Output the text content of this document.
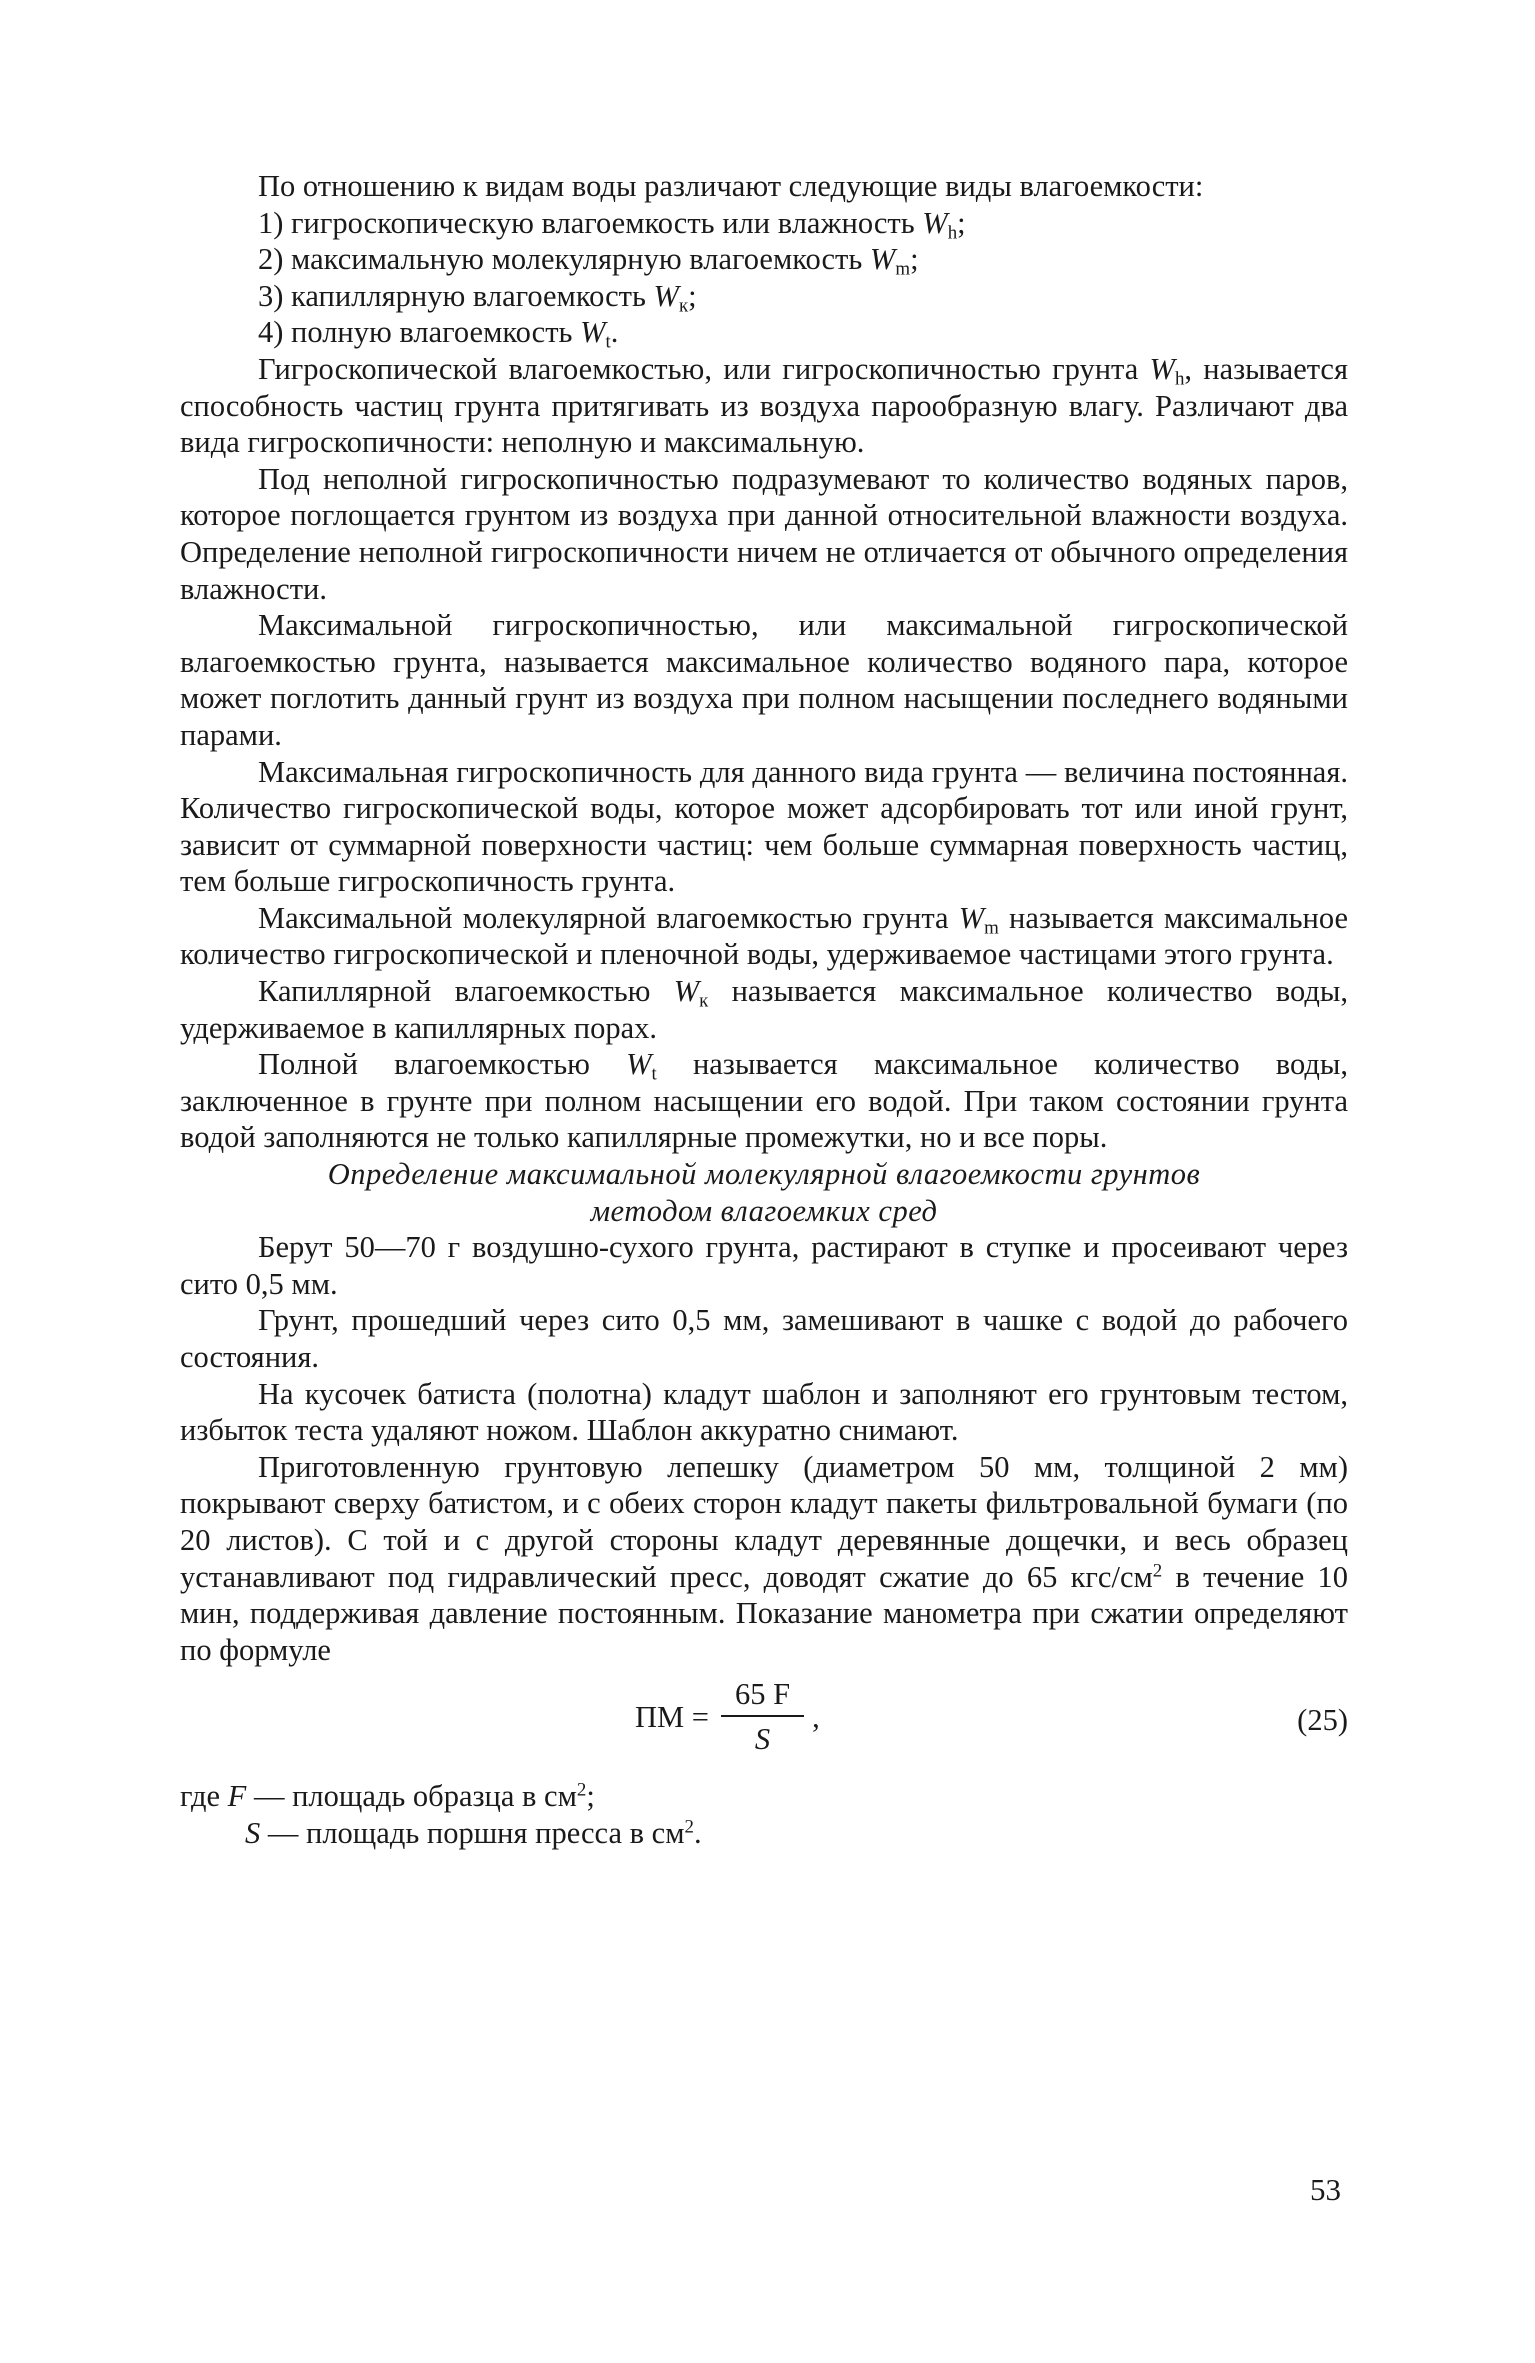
По отношению к видам воды различают следующие виды влагоемкости:

1) гигроскопическую влагоемкость или влажность $W_h$;
2) максимальную молекулярную влагоемкость $W_m$;
3) капиллярную влагоемкость $W_к$;
4) полную влагоемкость $W_t$.

Гигроскопической влагоемкостью, или гигроскопичностью грунта $W_h$, называется способность частиц грунта притягивать из воздуха парообразную влагу. Различают два вида гигроскопичности: неполную и максимальную.

Под неполной гигроскопичностью подразумевают то количество водяных паров, которое поглощается грунтом из воздуха при данной относительной влажности воздуха. Определение неполной гигроскопичности ничем не отличается от обычного определения влажности.

Максимальной гигроскопичностью, или максимальной гигроскопической влагоемкостью грунта, называется максимальное количество водяного пара, которое может поглотить данный грунт из воздуха при полном насыщении последнего водяными парами.

Максимальная гигроскопичность для данного вида грунта — величина постоянная. Количество гигроскопической воды, которое может адсорбировать тот или иной грунт, зависит от суммарной поверхности частиц: чем больше суммарная поверхность частиц, тем больше гигроскопичность грунта.

Максимальной молекулярной влагоемкостью грунта $W_m$ называется максимальное количество гигроскопической и пленочной воды, удерживаемое частицами этого грунта.

Капиллярной влагоемкостью $W_к$ называется максимальное количество воды, удерживаемое в капиллярных порах.

Полной влагоемкостью $W_t$ называется максимальное количество воды, заключенное в грунте при полном насыщении его водой. При таком состоянии грунта водой заполняются не только капиллярные промежутки, но и все поры.

Определение максимальной молекулярной влагоемкости грунтов
методом влагоемких сред

Берут 50—70 г воздушно-сухого грунта, растирают в ступке и просеивают через сито 0,5 мм.

Грунт, прошедший через сито 0,5 мм, замешивают в чашке с водой до рабочего состояния.

На кусочек батиста (полотна) кладут шаблон и заполняют его грунтовым тестом, избыток теста удаляют ножом. Шаблон аккуратно снимают.

Приготовленную грунтовую лепешку (диаметром 50 мм, толщиной 2 мм) покрывают сверху батистом, и с обеих сторон кладут пакеты фильтровальной бумаги (по 20 листов). С той и с другой стороны кладут деревянные дощечки, и весь образец устанавливают под гидравлический пресс, доводят сжатие до 65 кгс/$см^2$ в течение 10 мин, поддерживая давление постоянным. Показание манометра при сжатии определяют по формуле

ПМ = $\frac{65 F}{S}$ ,	(25)

где F — площадь образца в $см^2$;

S — площадь поршня пресса в $см^2$.

53
